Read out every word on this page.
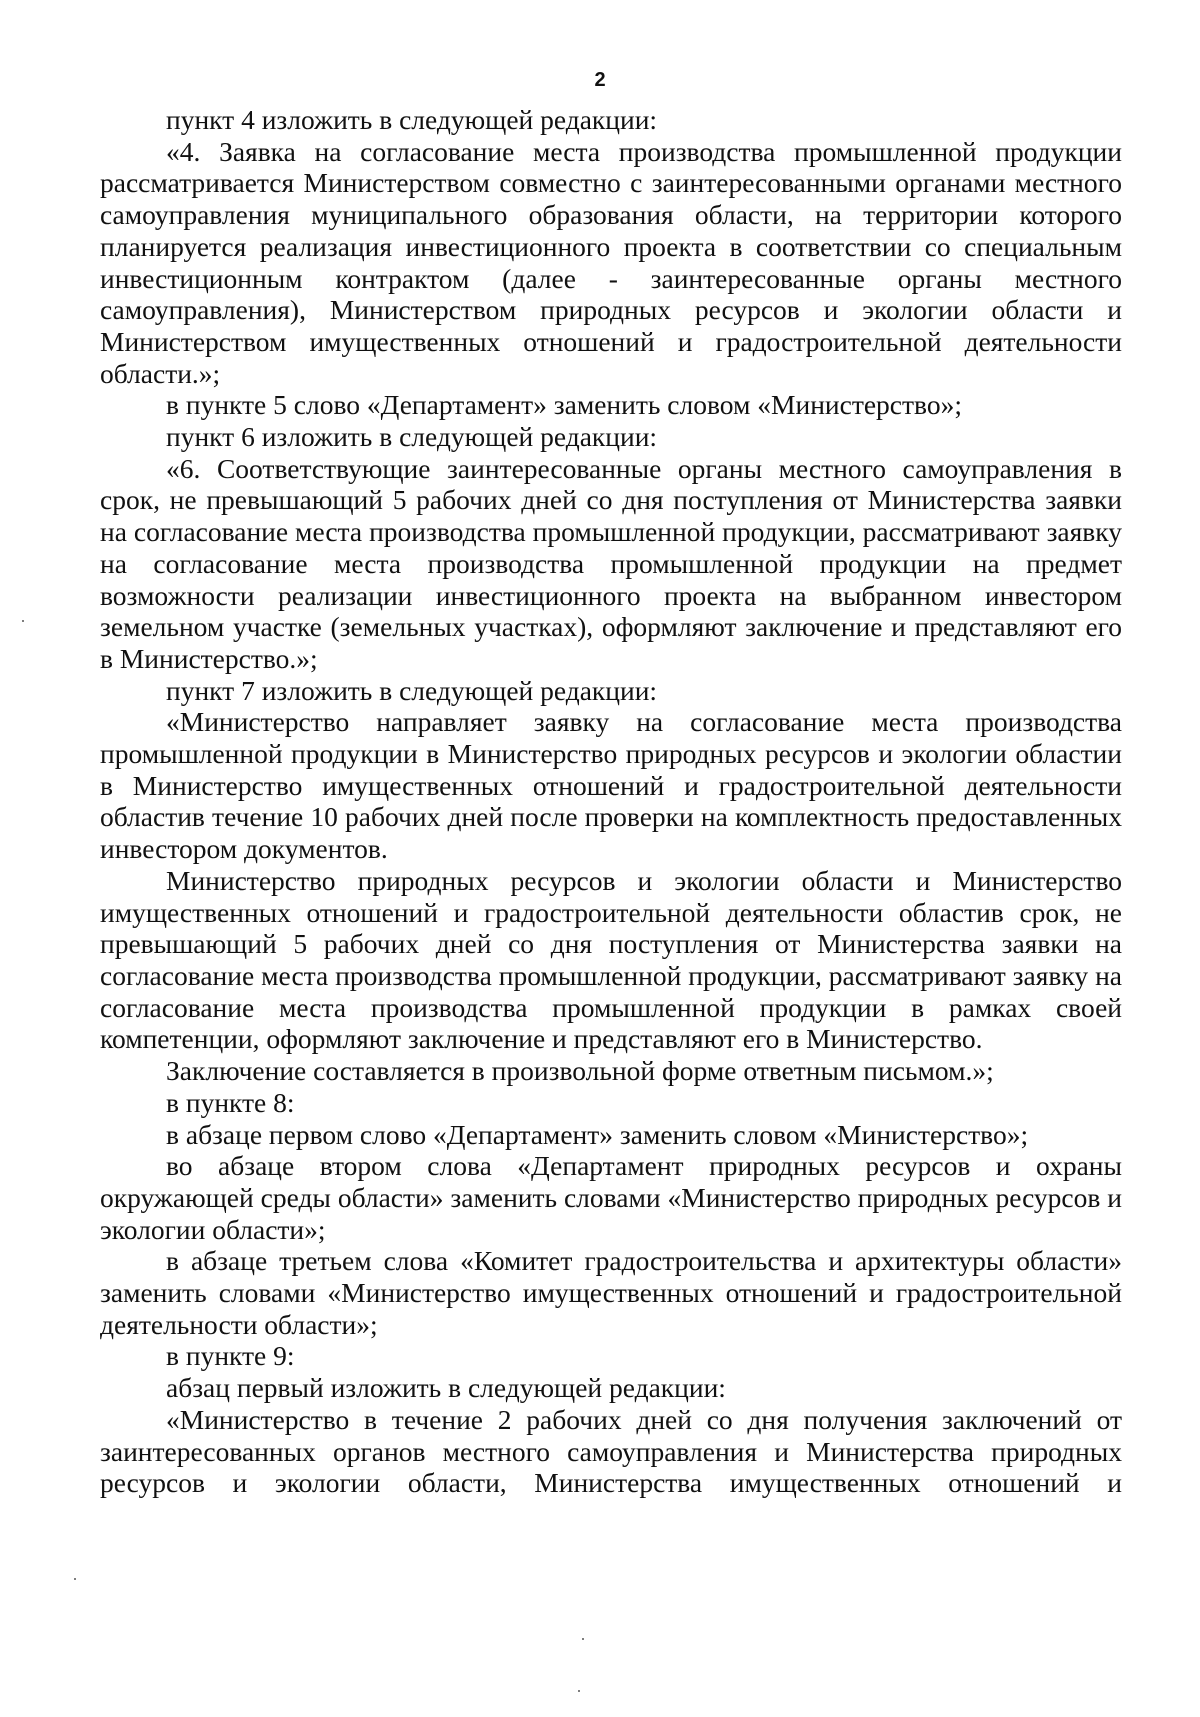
2

пункт 4 изложить в следующей редакции:

«4. Заявка на согласование места производства промышленной продукции рассматривается Министерством совместно с заинтересованными органами местного самоуправления муниципального образования области, на территории которого планируется реализация инвестиционного проекта в соответствии со специальным инвестиционным контрактом (далее - заинтересованные органы местного самоуправления), Министерством природных ресурсов и экологии области и Министерством имущественных отношений и градостроительной деятельности области.»;

в пункте 5 слово «Департамент» заменить словом «Министерство»;

пункт 6 изложить в следующей редакции:

«6. Соответствующие заинтересованные органы местного самоуправления в срок, не превышающий 5 рабочих дней со дня поступления от Министерства заявки на согласование места производства промышленной продукции, рассматривают заявку на согласование места производства промышленной продукции на предмет возможности реализации инвестиционного проекта на выбранном инвестором земельном участке (земельных участках), оформляют заключение и представляют его в Министерство.»;

пункт 7 изложить в следующей редакции:

«Министерство направляет заявку на согласование места производства промышленной продукции в Министерство природных ресурсов и экологии областии в Министерство имущественных отношений и градостроительной деятельности областив течение 10 рабочих дней после проверки на комплектность предоставленных инвестором документов.

Министерство природных ресурсов и экологии области и Министерство имущественных отношений и градостроительной деятельности областив срок, не превышающий 5 рабочих дней со дня поступления от Министерства заявки на согласование места производства промышленной продукции, рассматривают заявку на согласование места производства промышленной продукции в рамках своей компетенции, оформляют заключение и представляют его в Министерство.

Заключение составляется в произвольной форме ответным письмом.»;

в пункте 8:

в абзаце первом слово «Департамент» заменить словом «Министерство»;

во абзаце втором слова «Департамент природных ресурсов и охраны окружающей среды области» заменить словами «Министерство природных ресурсов и экологии области»;

в абзаце третьем слова «Комитет градостроительства и архитектуры области» заменить словами «Министерство имущественных отношений и градостроительной деятельности области»;

в пункте 9:

абзац первый изложить в следующей редакции:

«Министерство в течение 2 рабочих дней со дня получения заключений от заинтересованных органов местного самоуправления и Министерства природных ресурсов и экологии области, Министерства имущественных отношений и
